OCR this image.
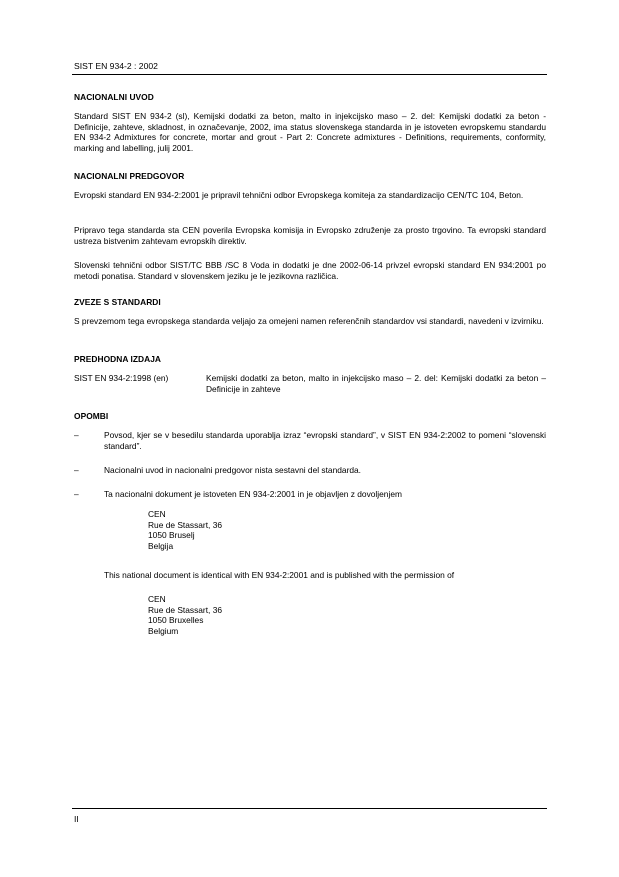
SIST EN 934-2 : 2002
NACIONALNI UVOD
Standard SIST EN 934-2 (sl), Kemijski dodatki za beton, malto in injekcijsko maso – 2. del: Kemijski dodatki za beton - Definicije, zahteve, skladnost, in označevanje, 2002, ima status slovenskega standarda in je istoveten evropskemu standardu EN 934-2 Admixtures for concrete, mortar and grout - Part 2: Concrete admixtures - Definitions, requirements, conformity, marking and labelling, julij 2001.
NACIONALNI PREDGOVOR
Evropski standard EN 934-2:2001 je pripravil tehnični odbor Evropskega komiteja za standardizacijo CEN/TC 104, Beton.
Pripravo tega standarda sta CEN poverila Evropska komisija in Evropsko združenje za prosto trgovino. Ta evropski standard ustreza bistvenim zahtevam evropskih direktiv.
Slovenski tehnični odbor SIST/TC BBB /SC 8 Voda in dodatki je dne 2002-06-14 privzel evropski standard EN 934:2001 po metodi ponatisa. Standard v slovenskem jeziku je le jezikovna različica.
ZVEZE S STANDARDI
S prevzemom tega evropskega standarda veljajo za omejeni namen referenčnih standardov vsi standardi, navedeni v izvirniku.
PREDHODNA IZDAJA
SIST EN 934-2:1998 (en)	Kemijski dodatki za beton, malto in injekcijsko maso – 2. del: Kemijski dodatki za beton – Definicije in zahteve
OPOMBI
–	Povsod, kjer se v besedilu standarda uporablja izraz “evropski standard”, v SIST EN 934-2:2002 to pomeni “slovenski standard”.
–	Nacionalni uvod in nacionalni predgovor nista sestavni del standarda.
–	Ta nacionalni dokument je istoveten EN 934-2:2001 in je objavljen z dovoljenjem
CEN
Rue de Stassart, 36
1050 Bruselj
Belgija
This national document is identical with EN 934-2:2001 and is published with the permission of
CEN
Rue de Stassart, 36
1050 Bruxelles
Belgium
II
